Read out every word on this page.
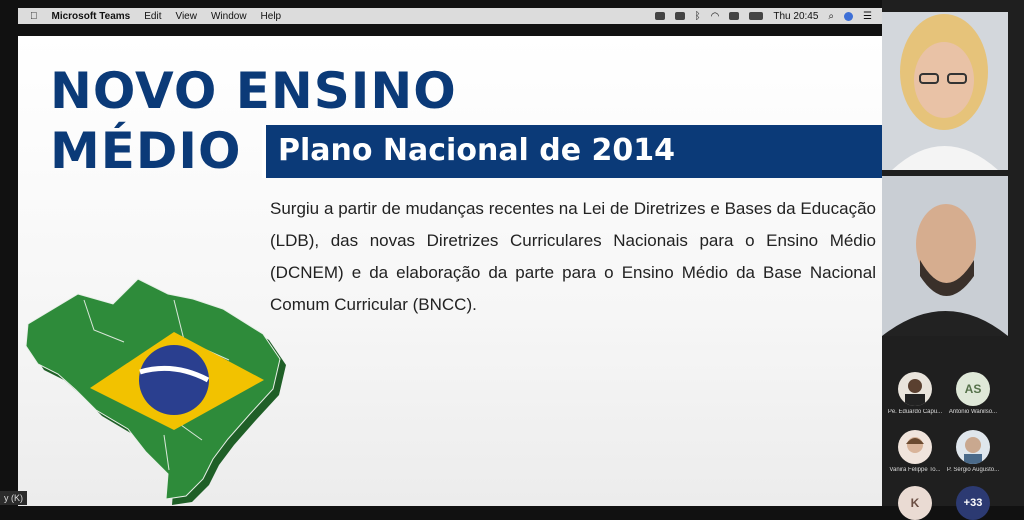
Microsoft Teams Edit View Window Help	ᛒ ◠	Thu 20:45 ⌕	☰
NOVO ENSINO
MÉDIO Plano Nacional de 2014
Surgiu a partir de mudanças recentes na Lei de Diretrizes e Bases da Educação (LDB), das novas Diretrizes Curriculares Nacionais para o Ensino Médio (DCNEM) e da elaboração da parte para o Ensino Médio da Base Nacional Comum Curricular (BNCC).
Pe. Eduardo Capu...
AS
Antonio Wanilso...
Vanira Felippe To...	P. Sérgio Augusto...
K	+33
y (K)
